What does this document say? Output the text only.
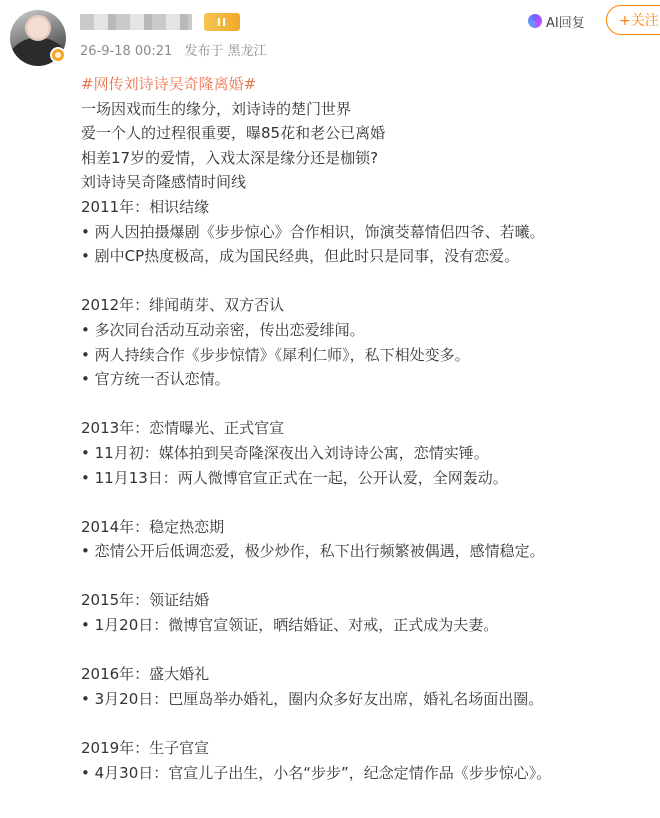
II
26-9-18 00:21 发布于 黑龙江
AI回复	+关注

#网传刘诗诗吴奇隆离婚#

一场因戏而生的缘分，刘诗诗的楚门世界

爱一个人的过程很重要，曝85花和老公已离婚

相差17岁的爱情，入戏太深是缘分还是枷锁?

刘诗诗吴奇隆感情时间线

2011年：相识结缘

• 两人因拍摄爆剧《步步惊心》合作相识，饰演茭幕情侣四爷、若曦。

• 剧中CP热度极高，成为国民经典，但此时只是同事，没有恋爱。

2012年：绯闻萌芽、双方否认

• 多次同台活动互动亲密，传出恋爱绯闻。

• 两人持续合作《步步惊情》《犀利仁师》，私下相处变多。

• 官方统一否认恋情。

2013年：恋情曝光、正式官宣

• 11月初：媒体拍到吴奇隆深夜出入刘诗诗公寓，恋情实锤。

• 11月13日：两人微博官宣正式在一起，公开认爱，全网轰动。

2014年：稳定热恋期

• 恋情公开后低调恋爱，极少炒作，私下出行频繁被偶遇，感情稳定。

2015年：领证结婚

• 1月20日：微博官宣领证，晒结婚证、对戒，正式成为夫妻。

2016年：盛大婚礼

• 3月20日：巴厘岛举办婚礼，圈内众多好友出席，婚礼名场面出圈。

2019年：生子官宣

• 4月30日：官宣儿子出生，小名“步步”，纪念定情作品《步步惊心》。
